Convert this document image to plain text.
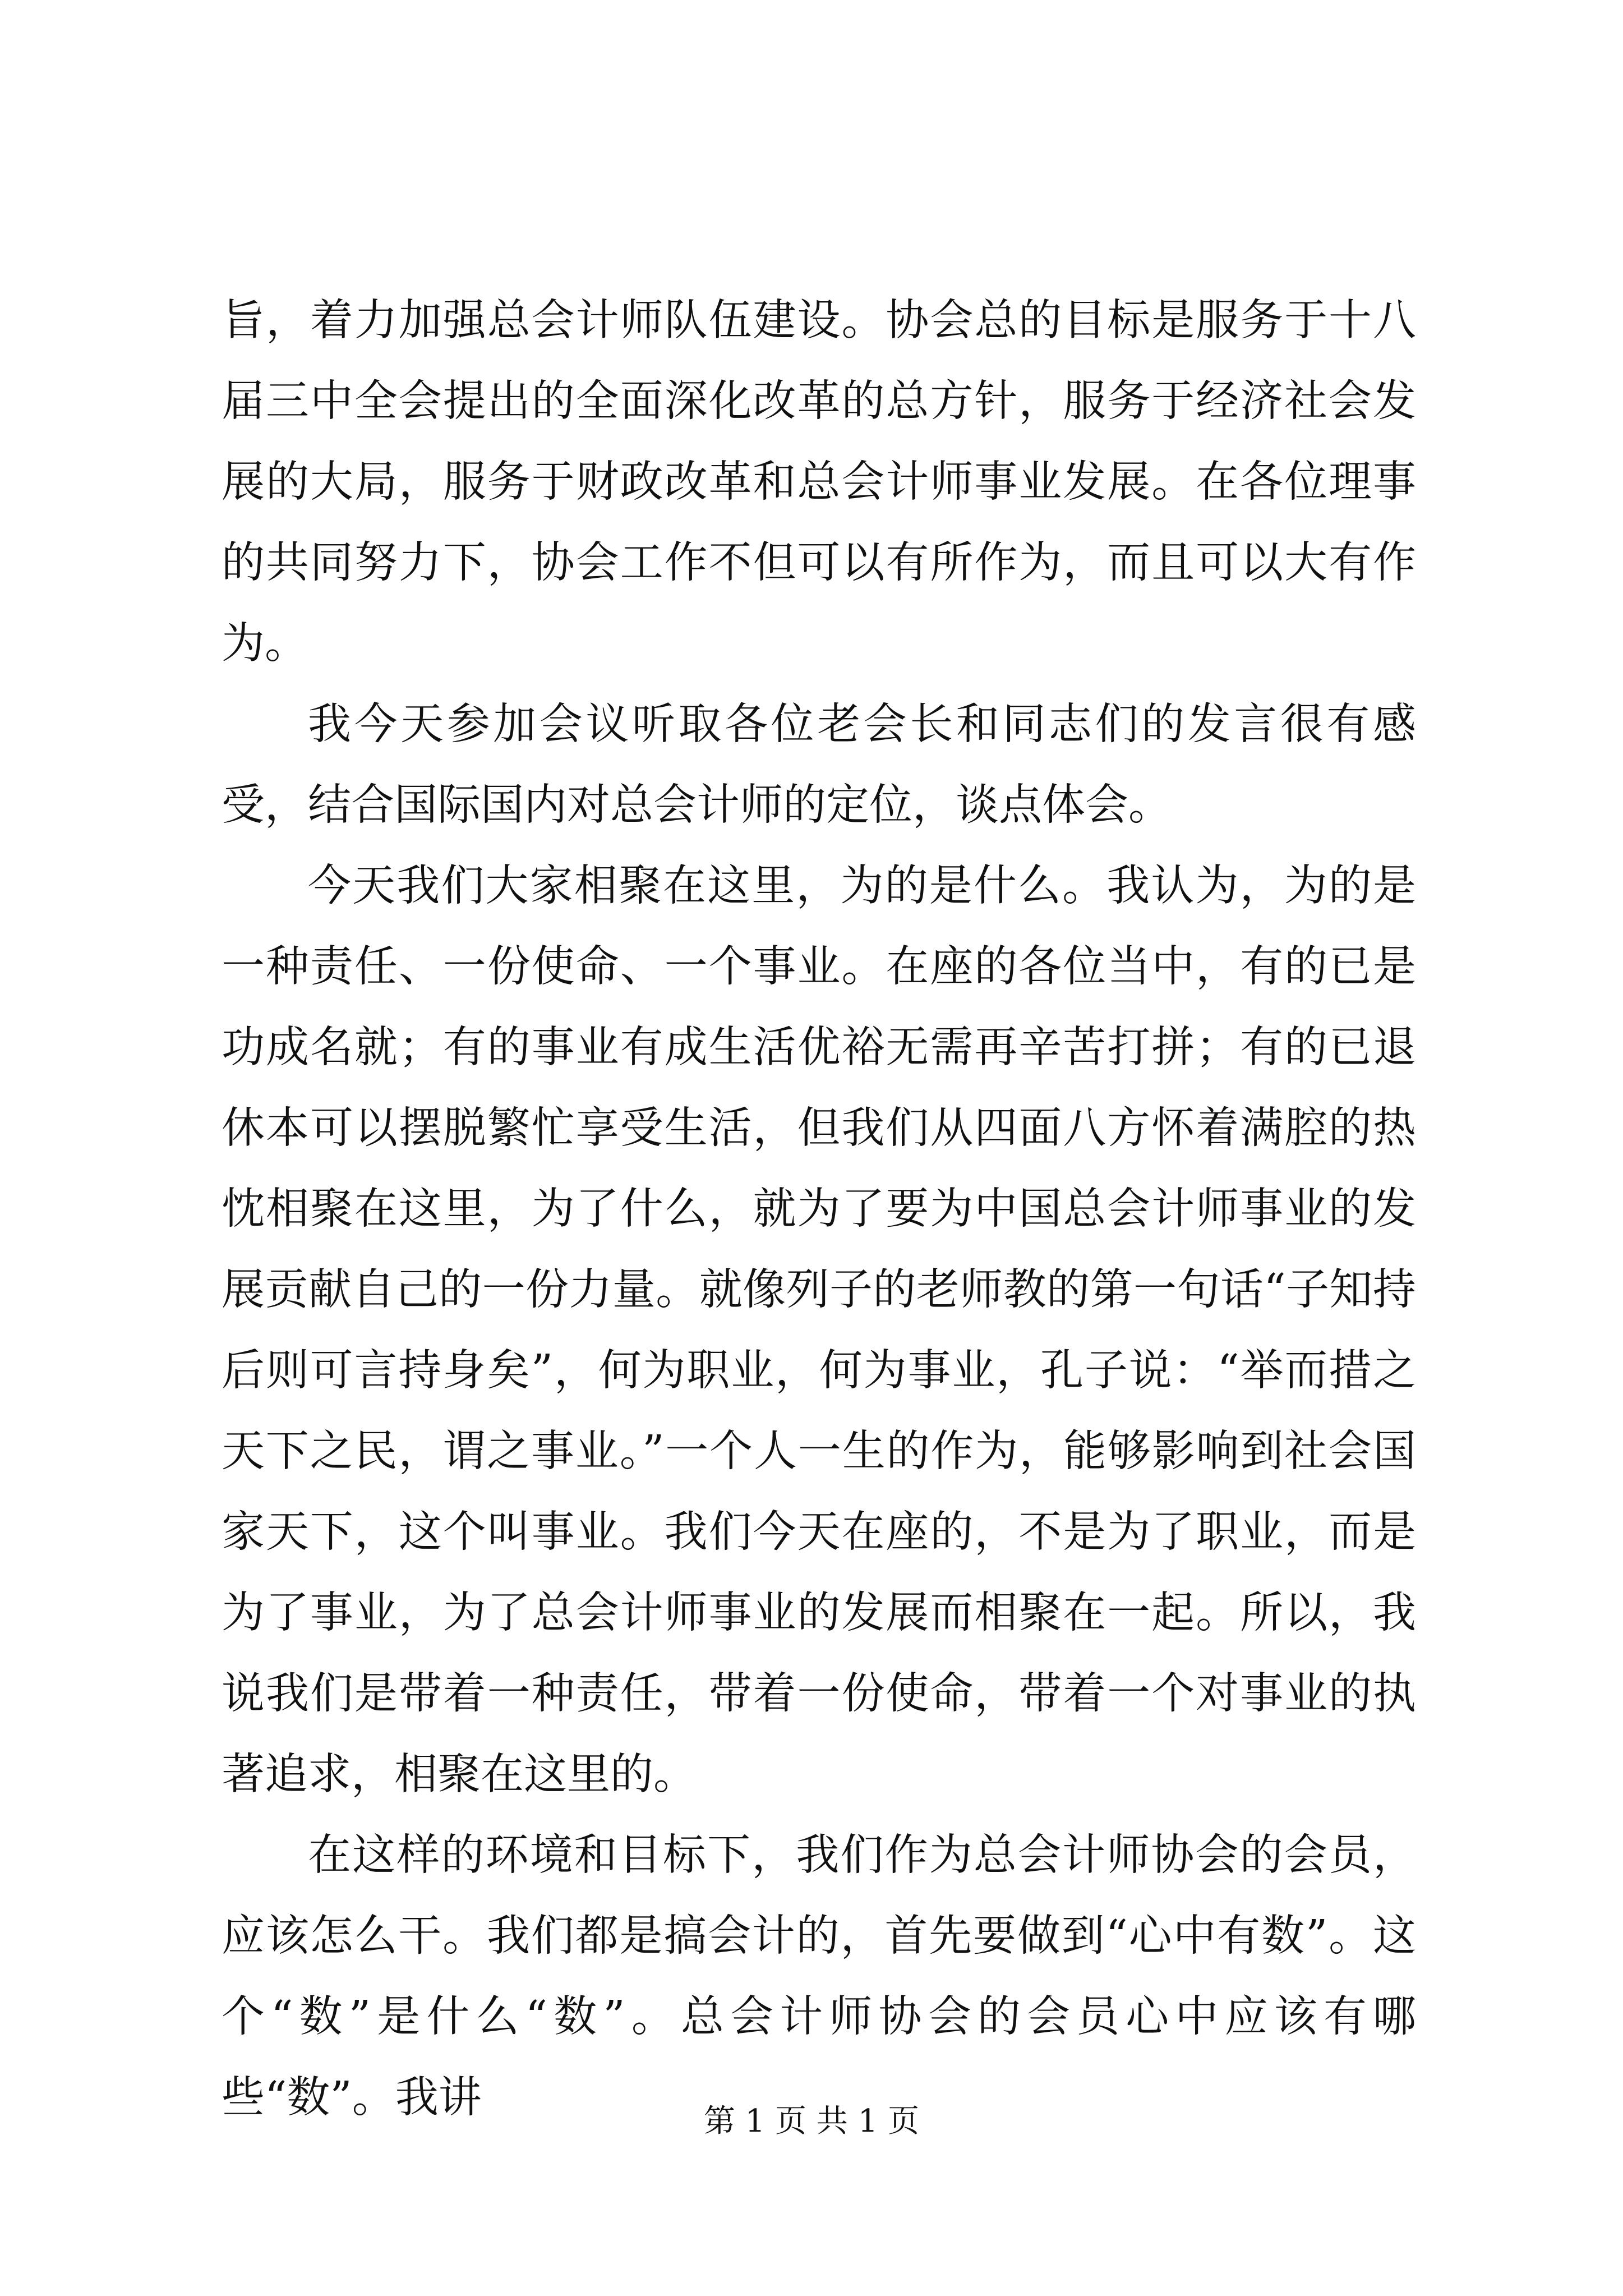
旨，着力加强总会计师队伍建设。协会总的目标是服务于十八届三中全会提出的全面深化改革的总方针，服务于经济社会发展的大局，服务于财政改革和总会计师事业发展。在各位理事的共同努力下，协会工作不但可以有所作为，而且可以大有作为。

我今天参加会议听取各位老会长和同志们的发言很有感受，结合国际国内对总会计师的定位，谈点体会。

今天我们大家相聚在这里，为的是什么。我认为，为的是一种责任、一份使命、一个事业。在座的各位当中，有的已是功成名就；有的事业有成生活优裕无需再辛苦打拼；有的已退休本可以摆脱繁忙享受生活，但我们从四面八方怀着满腔的热忱相聚在这里，为了什么，就为了要为中国总会计师事业的发展贡献自己的一份力量。就像列子的老师教的第一句话“子知持后则可言持身矣”，何为职业，何为事业，孔子说：“举而措之天下之民，谓之事业。”一个人一生的作为，能够影响到社会国家天下，这个叫事业。我们今天在座的，不是为了职业，而是为了事业，为了总会计师事业的发展而相聚在一起。所以，我说我们是带着一种责任，带着一份使命，带着一个对事业的执著追求，相聚在这里的。

在这样的环境和目标下，我们作为总会计师协会的会员，应该怎么干。我们都是搞会计的，首先要做到“心中有数”。这个“数”是什么“数”。总会计师协会的会员心中应该有哪些“数”。我讲	第 1 页 共 1 页
